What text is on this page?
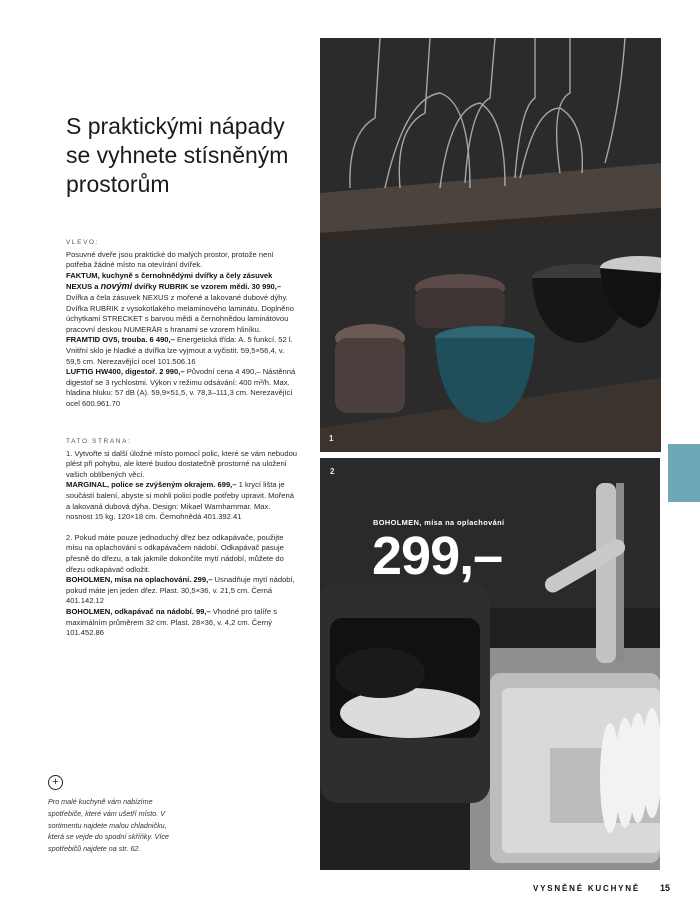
S praktickými nápady se vyhnete stísněným prostorům
VLEVO:

Posuvné dveře jsou praktické do malých prostor, protože není potřeba žádné místo na otevírání dvířek.

FAKTUM, kuchyně s černohnědými dvířky a čely zásuvek NEXUS a novými dvířky RUBRIK se vzorem mědi. 30 990,– Dvířka a čela zásuvek NEXUS z mořené a lakované dubové dýhy. Dvířka RUBRIK z vysokotlakého melaminového laminátu. Doplněno úchytkami STRECKET s barvou mědi a černohnědou laminátovou pracovní deskou NUMERÄR s hranami se vzorem hliníku.

FRAMTID OV5, trouba. 6 490,– Energetická třída: A. 5 funkcí. 52 l. Vnitřní sklo je hladké a dvířka lze vyjmout a vyčistit. 59,5×56,4, v. 59,5 cm. Nerezavějící ocel 101.506.16

LUFTIG HW400, digestoř. 2 990,– Původní cena 4 490,– Nástěnná digestoř se 3 rychlostmi. Výkon v režimu odsávání: 400 m³/h. Max. hladina hluku: 57 dB (A). 59,9×51,5, v. 78,3–111,3 cm. Nerezavějící ocel 600.961.70

TATO STRANA:

1. Vytvořte si další úložné místo pomocí polic, které se vám nebudou plést při pohybu, ale které budou dostatečně prostorné na uložení vašich oblíbených věcí.

MARGINAL, police se zvýšeným okrajem. 699,– 1 krycí lišta je součástí balení, abyste si mohli polici podle potřeby upravit. Mořená a lakovaná dubová dýha. Design: Mikael Warnhammar. Max. nosnost 15 kg. 120×18 cm. Černohnědá 401.392.41

2. Pokud máte pouze jednoduchý dřez bez odkapávače, použijte mísu na oplachování s odkapávačem nádobí. Odkapávač pasuje přesně do dřezu, a tak jakmile dokončíte mytí nádobí, můžete do dřezu odkapávač odložit.

BOHOLMEN, mísa na oplachování. 299,– Usnadňuje mytí nádobí, pokud máte jen jeden dřez. Plast. 30,5×36, v. 21,5 cm. Černá 401.142.12

BOHOLMEN, odkapávač na nádobí. 99,– Vhodné pro talíře s maximálním průměrem 32 cm. Plast. 28×36, v. 4,2 cm. Černý 101.452.86

+

Pro malé kuchyně vám nabízíme spotřebiče, které vám ušetří místo. V sortimentu najdete malou chladničku, která se vejde do spodní skříňky. Více spotřebičů najdete na str. 62.

1
2
BOHOLMEN, mísa na oplachování
299,–
VYSNĚNÉ KUCHYNĚ 15
